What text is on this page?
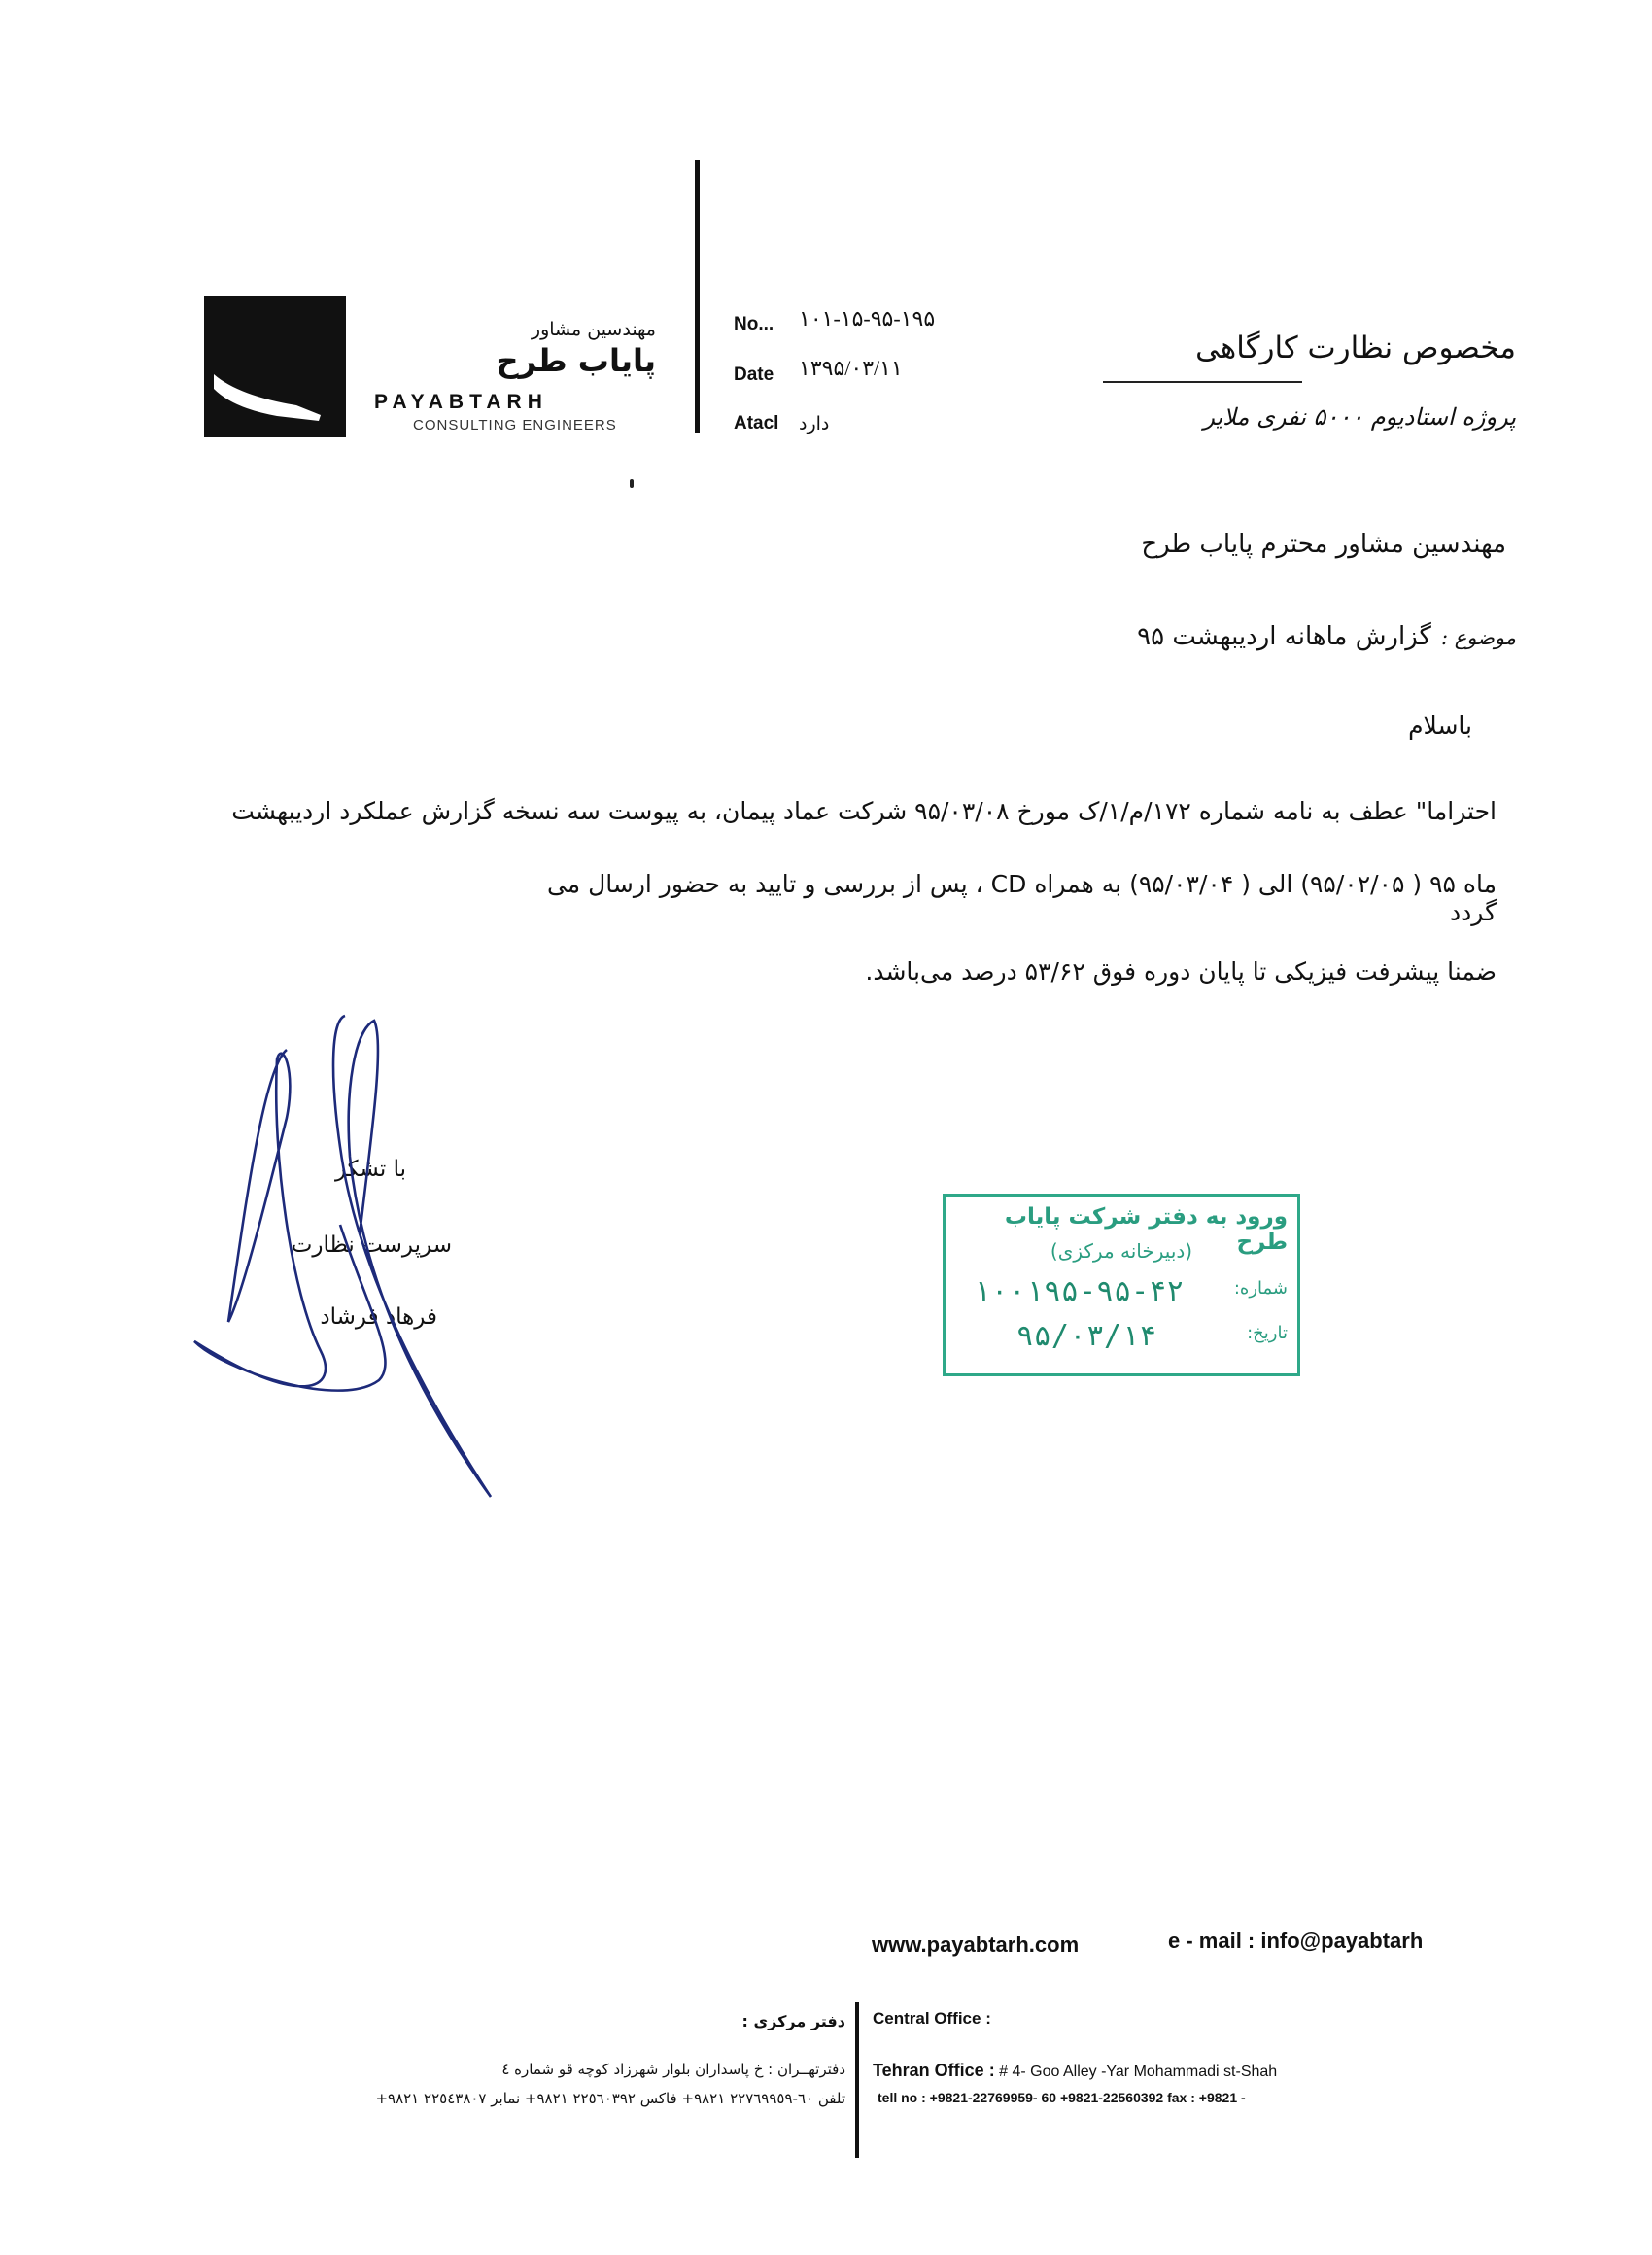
مهندسین مشاور
پایاب طرح
PAYABTARH
CONSULTING ENGINEERS
No... ۱۰۱-۱۵-۹۵-۱۹۵
Date ۱۳۹۵/۰۳/۱۱
Atacl دارد
مخصوص نظارت کارگاهی
پروژه استادیوم ۵۰۰۰ نفری ملایر
مهندسین مشاور محترم پایاب طرح
موضوع :گزارش ماهانه اردیبهشت ۹۵
باسلام
احتراما" عطف به نامه شماره ۱۷۲/م/۱/ک مورخ ۹۵/۰۳/۰۸ شرکت عماد پیمان، به پیوست سه نسخه گزارش عملکرد اردیبهشت
ماه ۹۵ ( ۹۵/۰۲/۰۵) الی ( ۹۵/۰۳/۰۴) به همراه CD ، پس از بررسی و تایید به حضور ارسال می گردد
ضمنا پیشرفت فیزیکی تا پایان دوره فوق ۵۳/۶۲ درصد می‌باشد.
با تشکر
سرپرست نظارت
فرهاد فرشاد
ورود به دفتر شرکت پایاب طرح
(دبیرخانه مرکزی)
شماره:
۱۰۰۱۹۵-۹۵-۴۲
تاریخ:
۹۵/۰۳/۱۴
www.payabtarh.com	e - mail : info@payabtarh
دفتر مرکزی : Central Office :
دفترتهــران : خ پاسداران بلوار شهرزاد کوچه قو شماره ٤
تلفن ٦٠-٢٢٧٦٩٩٥٩ ٩٨٢١+ فاکس ٢٢٥٦٠٣٩٢ ٩٨٢١+ نمابر ٢٢٥٤٣٨٠٧ ٩٨٢١+
Tehran Office : # 4- Goo Alley -Yar Mohammadi st-Shah
tell no : +9821-22769959- 60 +9821-22560392 fax : +9821 -
